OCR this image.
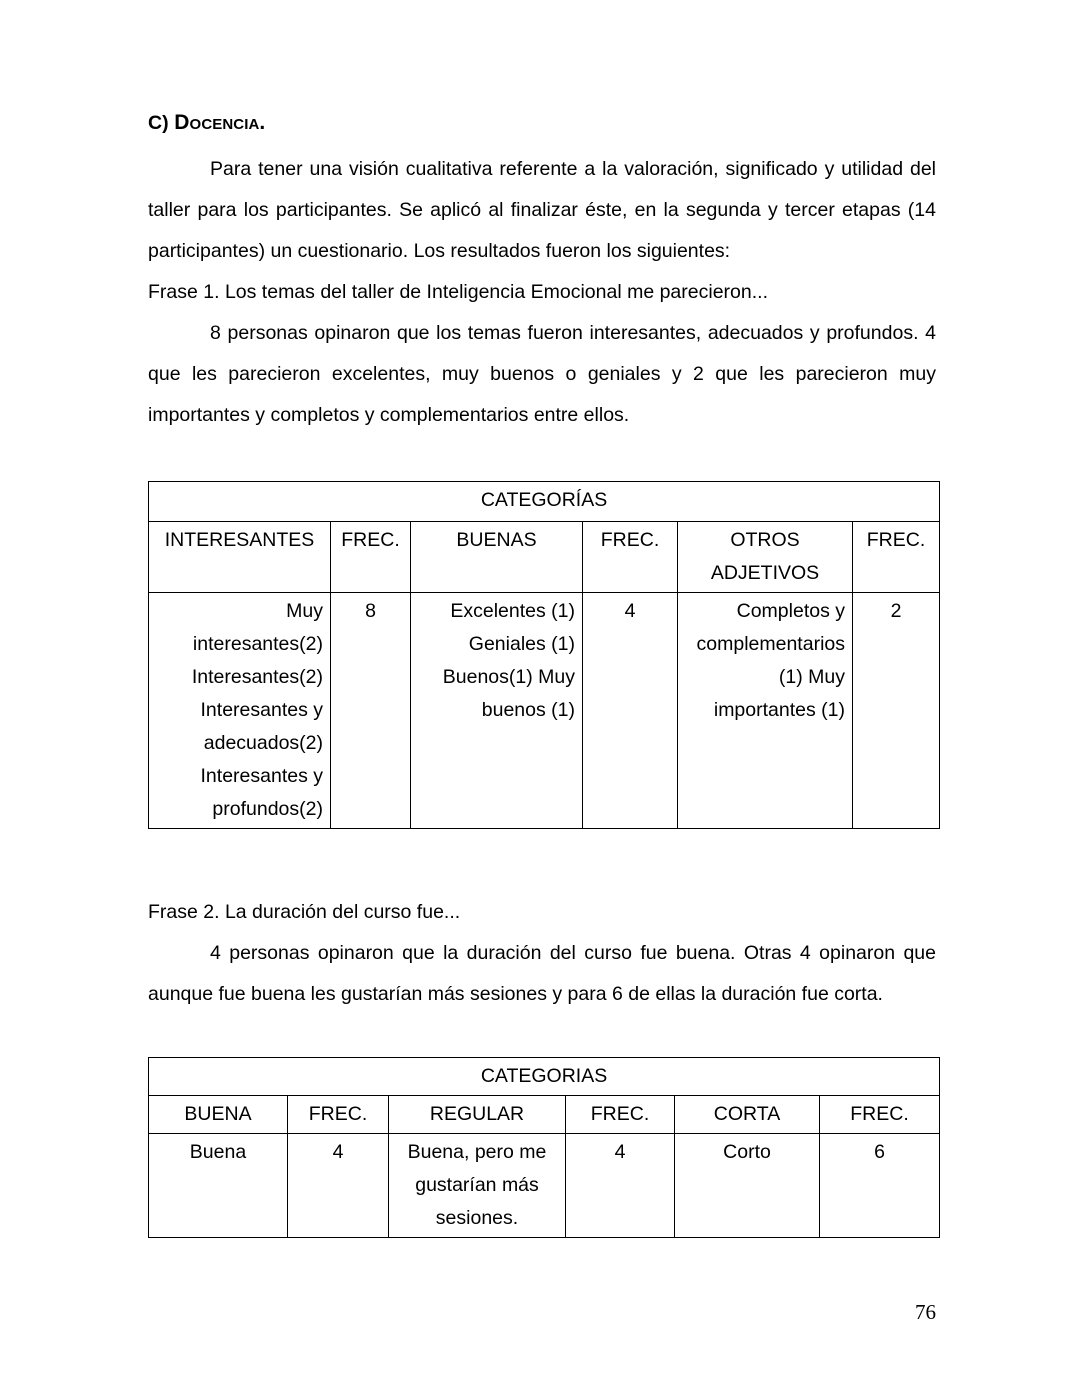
C) Docencia.

Para tener una visión cualitativa referente a la valoración, significado y utilidad del taller para los participantes. Se aplicó al finalizar éste, en la segunda y tercer etapas (14 participantes) un cuestionario. Los resultados fueron los siguientes:

Frase 1. Los temas del taller de Inteligencia Emocional me parecieron...

8 personas opinaron que los temas fueron interesantes, adecuados y profundos. 4 que les parecieron excelentes, muy buenos o geniales y 2 que les parecieron muy importantes y completos y complementarios entre ellos.

CATEGORÍAS					
INTERESANTES	FREC.	BUENAS	FREC.	OTROS ADJETIVOS	FREC.
Muy interesantes(2) Interesantes(2) Interesantes y adecuados(2) Interesantes y profundos(2)	8	Excelentes (1) Geniales (1) Buenos(1) Muy buenos (1)	4	Completos y complementarios (1) Muy importantes (1)	2

Frase 2. La duración del curso fue...

4 personas opinaron que la duración del curso fue buena. Otras 4 opinaron que aunque fue buena les gustarían más sesiones y para 6 de ellas la duración fue corta.

CATEGORIAS					
BUENA	FREC.	REGULAR	FREC.	CORTA	FREC.
Buena	4	Buena, pero me gustarían más sesiones.	4	Corto	6
76
